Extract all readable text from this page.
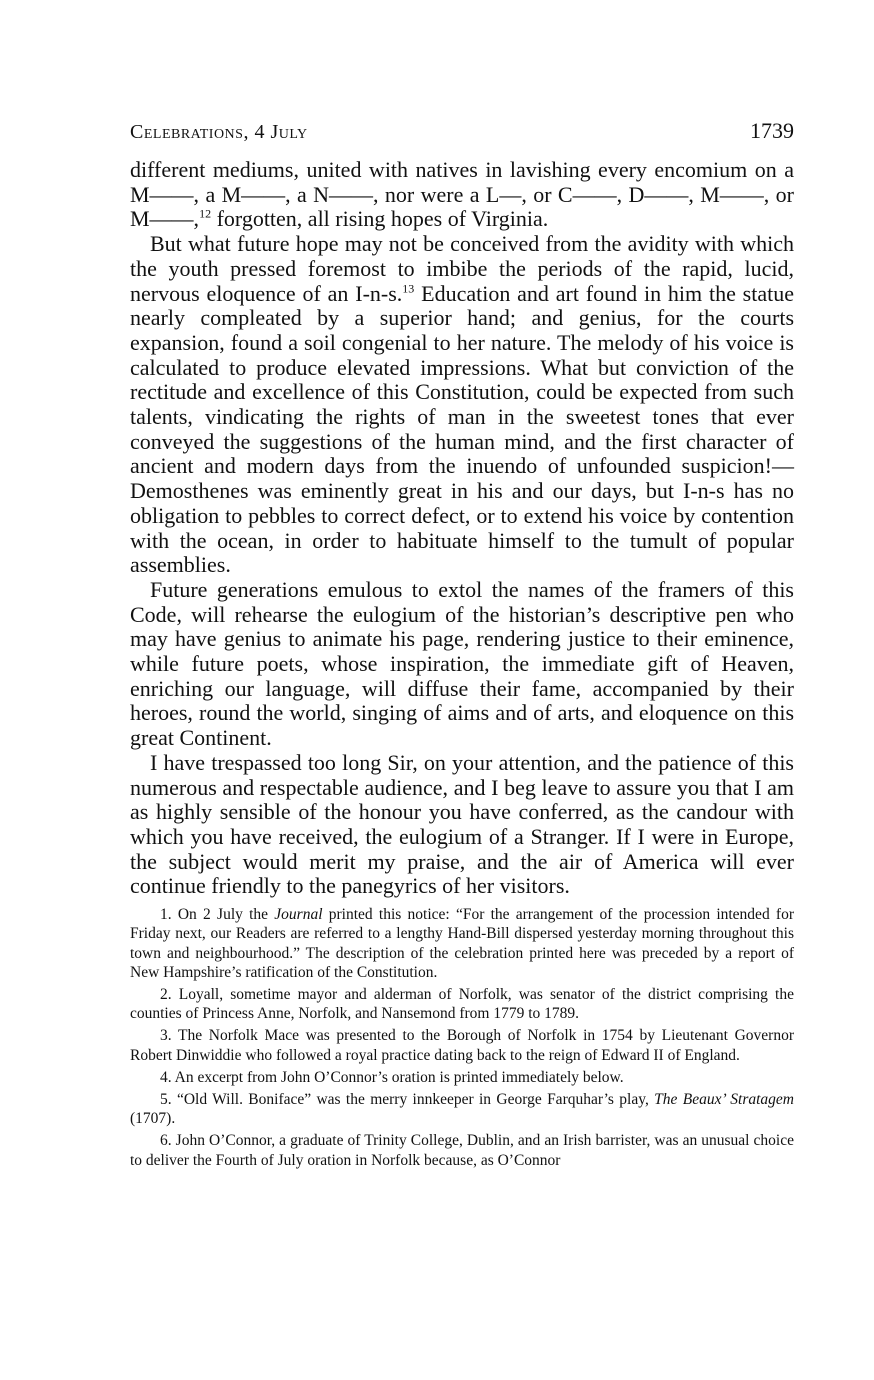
Celebrations, 4 July	1739

different mediums, united with natives in lavishing every encomium on a M——, a M——, a N——, nor were a L—, or C——, D——, M——, or M——,$^{12}$ forgotten, all rising hopes of Virginia.

But what future hope may not be conceived from the avidity with which the youth pressed foremost to imbibe the periods of the rapid, lucid, nervous eloquence of an I-n-s.$^{13}$ Education and art found in him the statue nearly compleated by a superior hand; and genius, for the courts expansion, found a soil congenial to her nature. The melody of his voice is calculated to produce elevated impressions. What but conviction of the rectitude and excellence of this Constitution, could be expected from such talents, vindicating the rights of man in the sweetest tones that ever conveyed the suggestions of the human mind, and the first character of ancient and modern days from the inuendo of unfounded suspicion!—Demosthenes was eminently great in his and our days, but I-n-s has no obligation to pebbles to correct defect, or to extend his voice by contention with the ocean, in order to habituate himself to the tumult of popular assemblies.

Future generations emulous to extol the names of the framers of this Code, will rehearse the eulogium of the historian’s descriptive pen who may have genius to animate his page, rendering justice to their eminence, while future poets, whose inspiration, the immediate gift of Heaven, enriching our language, will diffuse their fame, accompanied by their heroes, round the world, singing of aims and of arts, and eloquence on this great Continent.

I have trespassed too long Sir, on your attention, and the patience of this numerous and respectable audience, and I beg leave to assure you that I am as highly sensible of the honour you have conferred, as the candour with which you have received, the eulogium of a Stranger. If I were in Europe, the subject would merit my praise, and the air of America will ever continue friendly to the panegyrics of her visitors.

1. On 2 July the Journal printed this notice: “For the arrangement of the procession intended for Friday next, our Readers are referred to a lengthy Hand-Bill dispersed yesterday morning throughout this town and neighbourhood.” The description of the celebration printed here was preceded by a report of New Hampshire’s ratification of the Constitution.

2. Loyall, sometime mayor and alderman of Norfolk, was senator of the district comprising the counties of Princess Anne, Norfolk, and Nansemond from 1779 to 1789.

3. The Norfolk Mace was presented to the Borough of Norfolk in 1754 by Lieutenant Governor Robert Dinwiddie who followed a royal practice dating back to the reign of Edward II of England.

4. An excerpt from John O’Connor’s oration is printed immediately below.

5. “Old Will. Boniface” was the merry innkeeper in George Farquhar’s play, The Beaux’ Stratagem (1707).

6. John O’Connor, a graduate of Trinity College, Dublin, and an Irish barrister, was an unusual choice to deliver the Fourth of July oration in Norfolk because, as O’Connor
